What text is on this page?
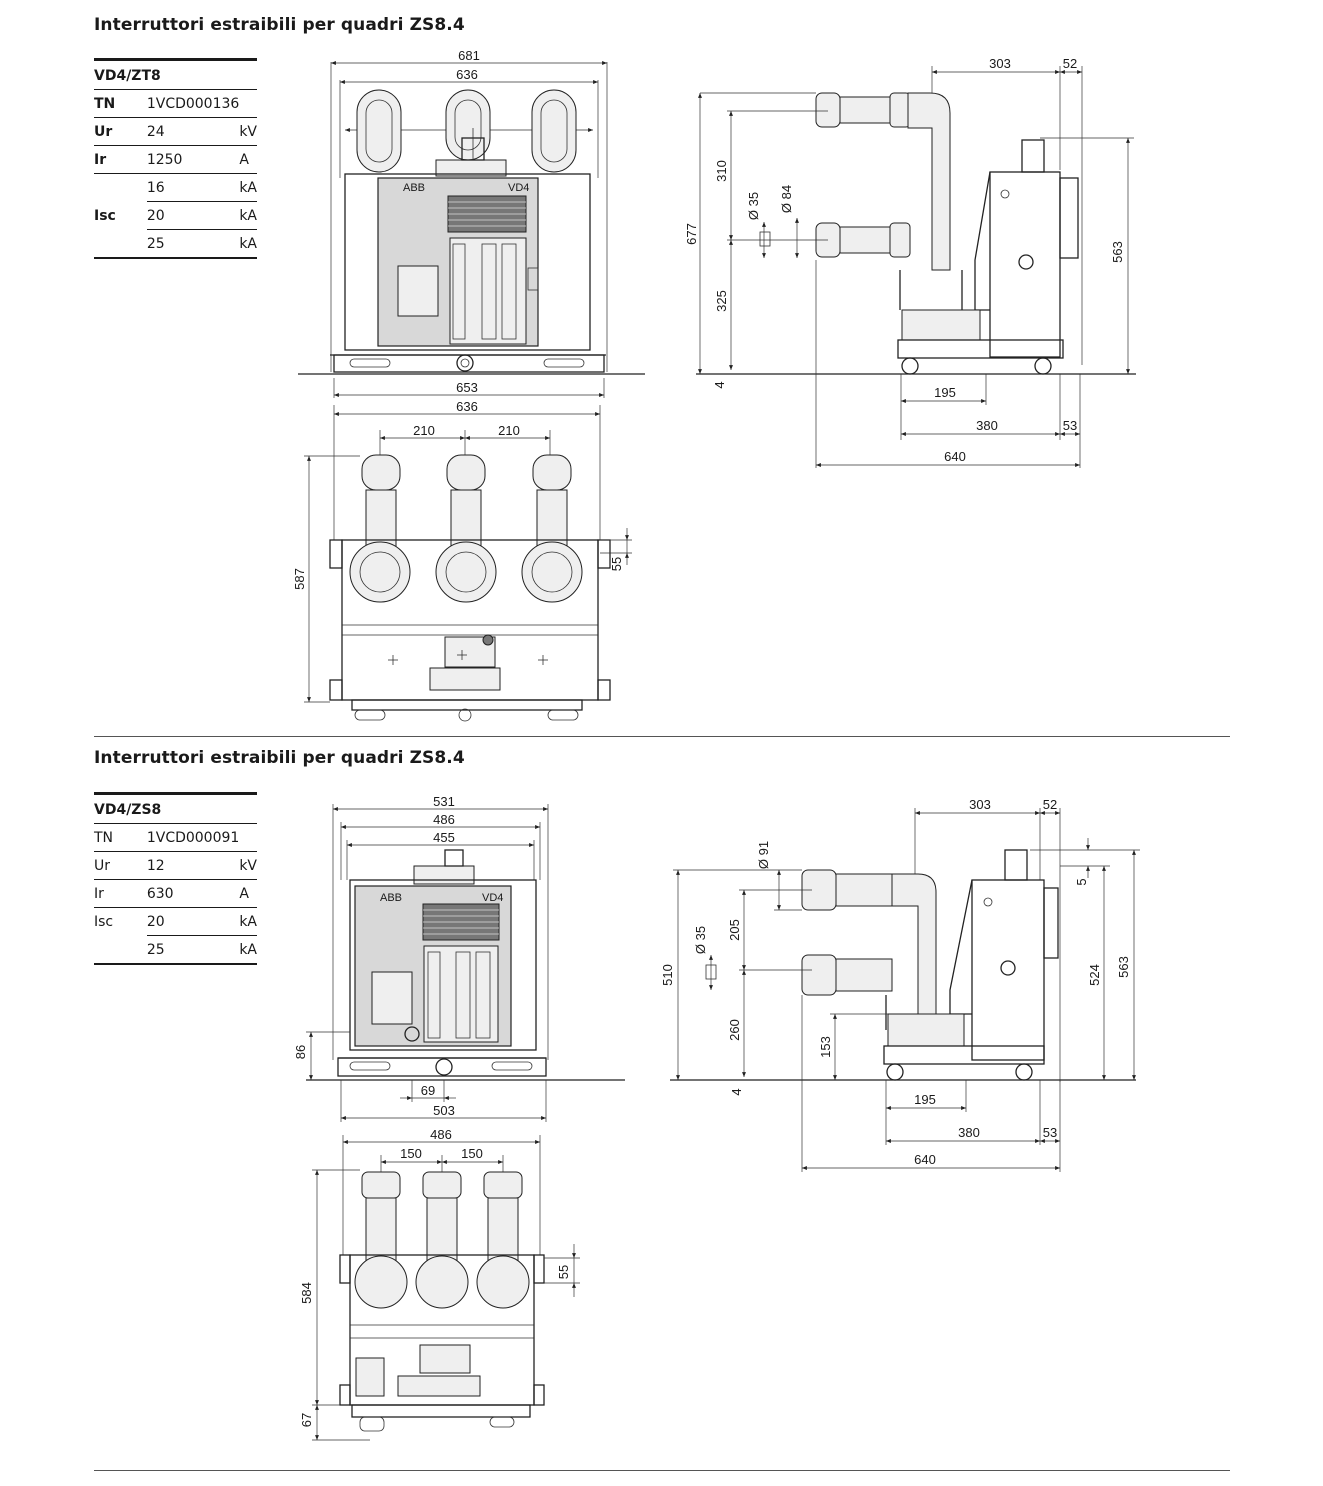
Interruttori estraibili per quadri ZS8.4
VD4/ZT8		
TN	1VCD000136	
Ur	24	kV
Ir	1250	A
	16	kA
Isc	20	kA
	25	kA
Interruttori estraibili per quadri ZS8.4
VD4/ZS8		
TN	1VCD000091	
Ur	12	kV
Ir	630	A
Isc	20	kA
	25	kA
681
636
ABB	VD4
653
636
210	210
587
55
303	52
677
310
325
4
Ø 35 Ø 84
563
195
380	53
640
531
486
455
ABB	VD4
86
69
503
486
150	150
584
67
55
303	52
510
205
260
4
Ø 91
Ø 35
153
563
524
5
195
380	53
640
